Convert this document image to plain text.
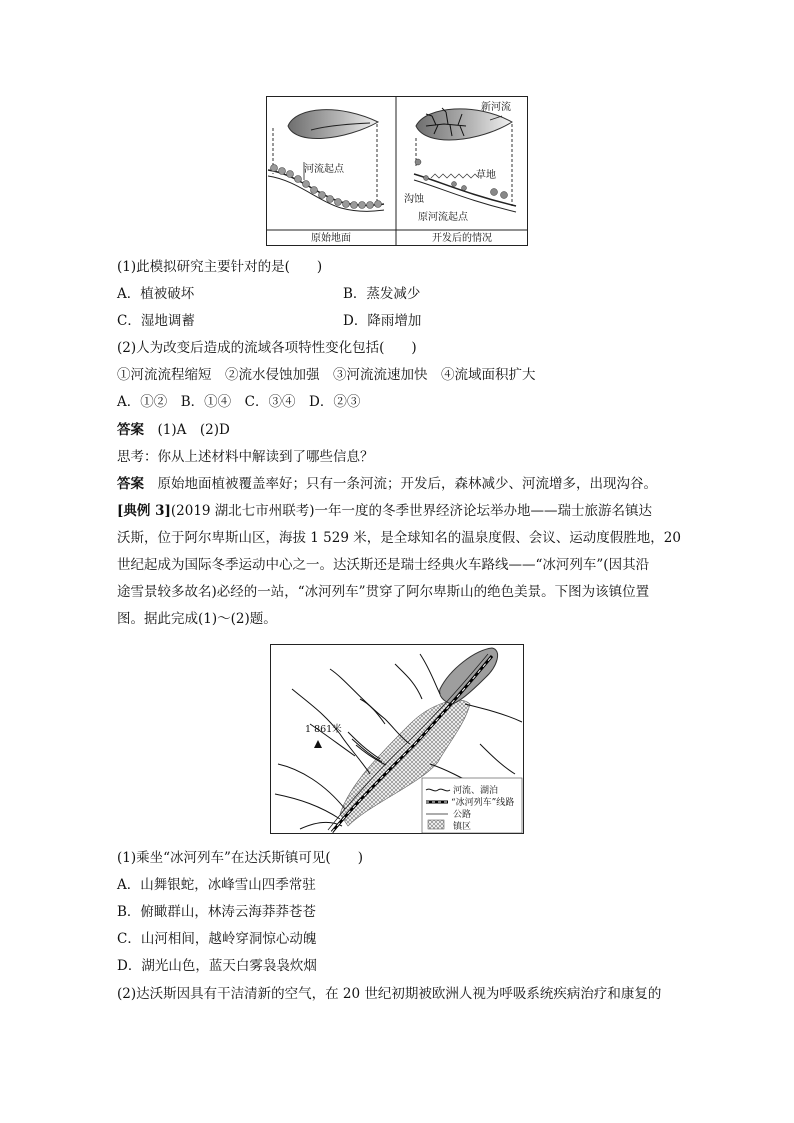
河流起点
新河流
草地
沟蚀
原河流起点
原始地面	开发后的情况
(1)此模拟研究主要针对的是(　　)
A．植被破坏	B．蒸发减少
C．湿地调蓄	D．降雨增加
(2)人为改变后造成的流域各项特性变化包括(　　)
①河流流程缩短　②流水侵蚀加强　③河流流速加快　④流域面积扩大
A．①②　B．①④　C．③④　D．②③
答案　 (1)A　(2)D
思考：你从上述材料中解读到了哪些信息？
答案　 原始地面植被覆盖率好；只有一条河流；开发后，森林减少、河流增多，出现沟谷。
[典例 3](2019 湖北七市州联考)一年一度的冬季世界经济论坛举办地——瑞士旅游名镇达
沃斯，位于阿尔卑斯山区，海拔 1 529 米，是全球知名的温泉度假、会议、运动度假胜地，20
世纪起成为国际冬季运动中心之一。达沃斯还是瑞士经典火车路线——“冰河列车”(因其沿
途雪景较多故名)必经的一站，“冰河列车”贯穿了阿尔卑斯山的绝色美景。下图为该镇位置
图。据此完成(1)～(2)题。
1 861米
河流、湖泊
“冰河列车”线路
公路
镇区
(1)乘坐“冰河列车”在达沃斯镇可见(　　)
A．山舞银蛇，冰峰雪山四季常驻
B．俯瞰群山，林涛云海莽莽苍苍
C．山河相间，越岭穿洞惊心动魄
D．湖光山色，蓝天白雾袅袅炊烟
(2)达沃斯因具有干洁清新的空气，在 20 世纪初期被欧洲人视为呼吸系统疾病治疗和康复的
